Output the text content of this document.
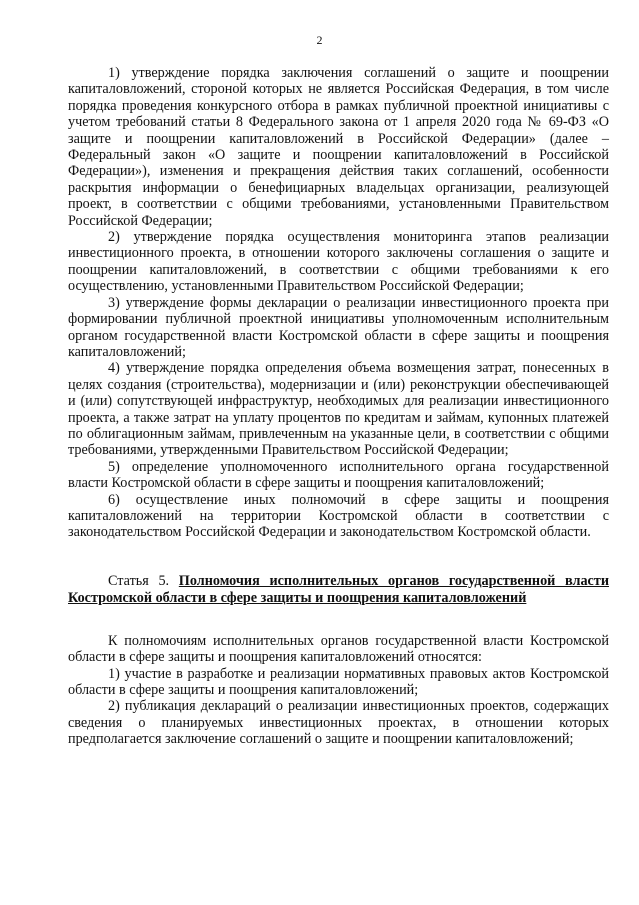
2

1) утверждение порядка заключения соглашений о защите и поощрении капиталовложений, стороной которых не является Российская Федерация, в том числе порядка проведения конкурсного отбора в рамках публичной проектной инициативы с учетом требований статьи 8 Федерального закона от 1 апреля 2020 года № 69-ФЗ «О защите и поощрении капиталовложений в Российской Федерации» (далее – Федеральный закон «О защите и поощрении капиталовложений в Российской Федерации»), изменения и прекращения действия таких соглашений, особенности раскрытия информации о бенефициарных владельцах организации, реализующей проект, в соответствии с общими требованиями, установленными Правительством Российской Федерации;

2) утверждение порядка осуществления мониторинга этапов реализации инвестиционного проекта, в отношении которого заключены соглашения о защите и поощрении капиталовложений, в соответствии с общими требованиями к его осуществлению, установленными Правительством Российской Федерации;

3) утверждение формы декларации о реализации инвестиционного проекта при формировании публичной проектной инициативы уполномоченным исполнительным органом государственной власти Костромской области в сфере защиты и поощрения капиталовложений;

4) утверждение порядка определения объема возмещения затрат, понесенных в целях создания (строительства), модернизации и (или) реконструкции обеспечивающей и (или) сопутствующей инфраструктур, необходимых для реализации инвестиционного проекта, а также затрат на уплату процентов по кредитам и займам, купонных платежей по облигационным займам, привлеченным на указанные цели, в соответствии с общими требованиями, утвержденными Правительством Российской Федерации;

5) определение уполномоченного исполнительного органа государственной власти Костромской области в сфере защиты и поощрения капиталовложений;

6) осуществление иных полномочий в сфере защиты и поощрения капиталовложений на территории Костромской области в соответствии с законодательством Российской Федерации и законодательством Костромской области.

Статья 5. Полномочия исполнительных органов государственной власти Костромской области в сфере защиты и поощрения капиталовложений

К полномочиям исполнительных органов государственной власти Костромской области в сфере защиты и поощрения капиталовложений относятся:

1) участие в разработке и реализации нормативных правовых актов Костромской области в сфере защиты и поощрения капиталовложений;

2) публикация деклараций о реализации инвестиционных проектов, содержащих сведения о планируемых инвестиционных проектах, в отношении которых предполагается заключение соглашений о защите и поощрении капиталовложений;
